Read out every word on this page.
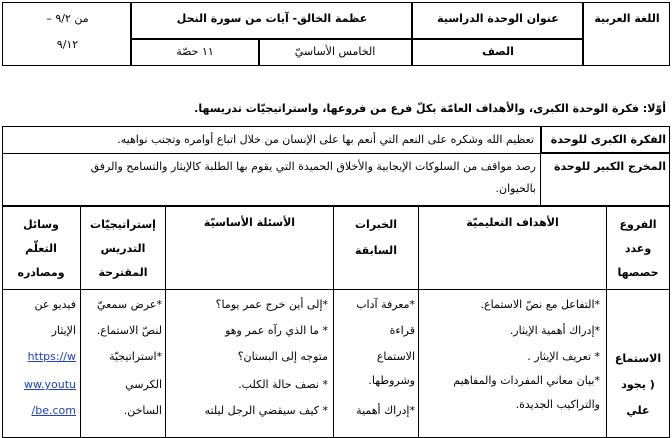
اللغة العربية
عنوان الوحدة الدراسية
عظمة الخالق- آيات من سورة النحل
من ٩/٢ –
٩/١٢
الصف
الخامس الأساسيّ
١١ حصّة
أوّلا: فكرة الوحدة الكبرى، والأهداف العامّة بكلّ فرع من فروعها، واستراتيجيّات تدريسها.
الفكرة الكبرى للوحدة
تعظيم الله وشكره على النعم التي أنعم بها على الإنسان من خلال اتباع أوامره وتجنب نواهيه.
المخرج الكبير للوحدة
رصد مواقف من السلوكات الإيجابية والأخلاق الحميدة التي يقوم بها الطلبة كالإيثار والتسامح والرفق
بالحيوان.
الفروع
وعدد
حصصها
الأهداف التعليميّة
الخبرات
السابقة
الأسئلة الأساسيّة
إستراتيجيّات
التدريس
المقترحة
وسائل
التعلّم
ومصادره
الاستماع
( يجود
علي
*التفاعل مع نصّ الاستماع.
*إدراك أهمية الإيثار.
* تعريف الإيثار .
*بيان معاني المفردات والمفاهيم
والتراكيب الجديدة.
*معرفة آداب
قراءة
الاستماع
وشروطها.
*إدراك أهمية
*إلى أين خرج عمر يوما؟
* ما الذي رآه عمر وهو
متوجه إلى البستان؟
* نصف حالة الكلب.
* كيف سيقضي الرجل ليلته
*عرض سمعيّ
لنصّ الاستماع.
*استراتيجيّة
الكرسي
الساخن.
فيديو عن
الإيثار
https://w
ww.youtu
be.com/
